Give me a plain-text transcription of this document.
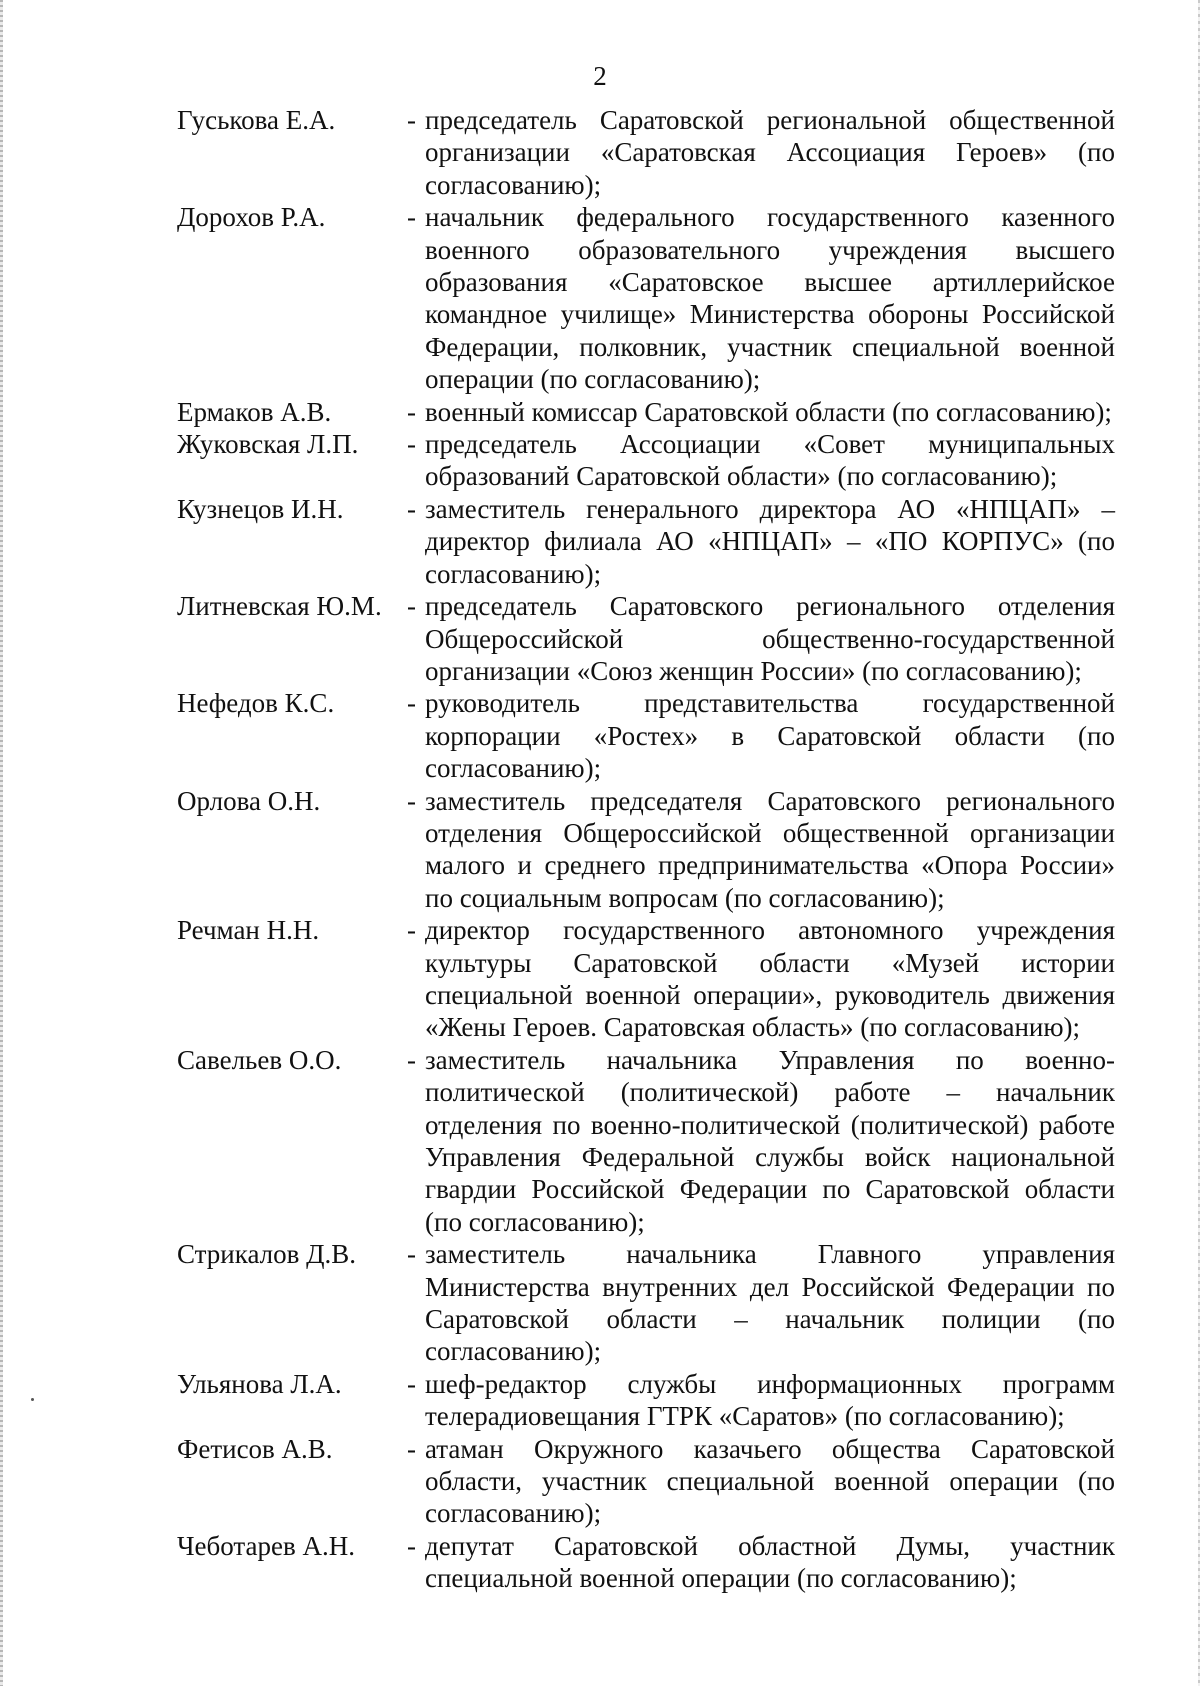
2
Гуськова Е.А.	- председатель Саратовской региональной общественной организации «Саратовская Ассоциация Героев» (по согласованию);
Дорохов Р.А.	- начальник федерального государственного казенного военного образовательного учреждения высшего образования «Саратовское высшее артиллерийское командное училище» Министерства обороны Российской Федерации, полковник, участник специальной военной операции (по согласованию);
Ермаков А.В.	- военный комиссар Саратовской области (по согласованию);
Жуковская Л.П.	- председатель Ассоциации «Совет муниципальных образований Саратовской области» (по согласованию);
Кузнецов И.Н.	- заместитель генерального директора АО «НПЦАП» – директор филиала АО «НПЦАП» – «ПО КОРПУС» (по согласованию);
Литневская Ю.М. - председатель Саратовского регионального отделения Общероссийской общественно-государственной организации «Союз женщин России» (по согласованию);
Нефедов К.С.	- руководитель представительства государственной корпорации «Ростех» в Саратовской области (по согласованию);
Орлова О.Н.	- заместитель председателя Саратовского регионального отделения Общероссийской общественной организации малого и среднего предпринимательства «Опора России» по социальным вопросам (по согласованию);
Речман Н.Н.	- директор государственного автономного учреждения культуры Саратовской области «Музей истории специальной военной операции», руководитель движения «Жены Героев. Саратовская область» (по согласованию);
Савельев О.О.	- заместитель начальника Управления по военно-политической (политической) работе – начальник отделения по военно-политической (политической) работе Управления Федеральной службы войск национальной гвардии Российской Федерации по Саратовской области (по согласованию);
Стрикалов Д.В.	- заместитель начальника Главного управления Министерства внутренних дел Российской Федерации по Саратовской области – начальник полиции (по согласованию);
Ульянова Л.А.	- шеф-редактор службы информационных программ телерадиовещания ГТРК «Саратов» (по согласованию);
Фетисов А.В.	- атаман Окружного казачьего общества Саратовской области, участник специальной военной операции (по согласованию);
Чеботарев А.Н.	- депутат Саратовской областной Думы, участник специальной военной операции (по согласованию);
